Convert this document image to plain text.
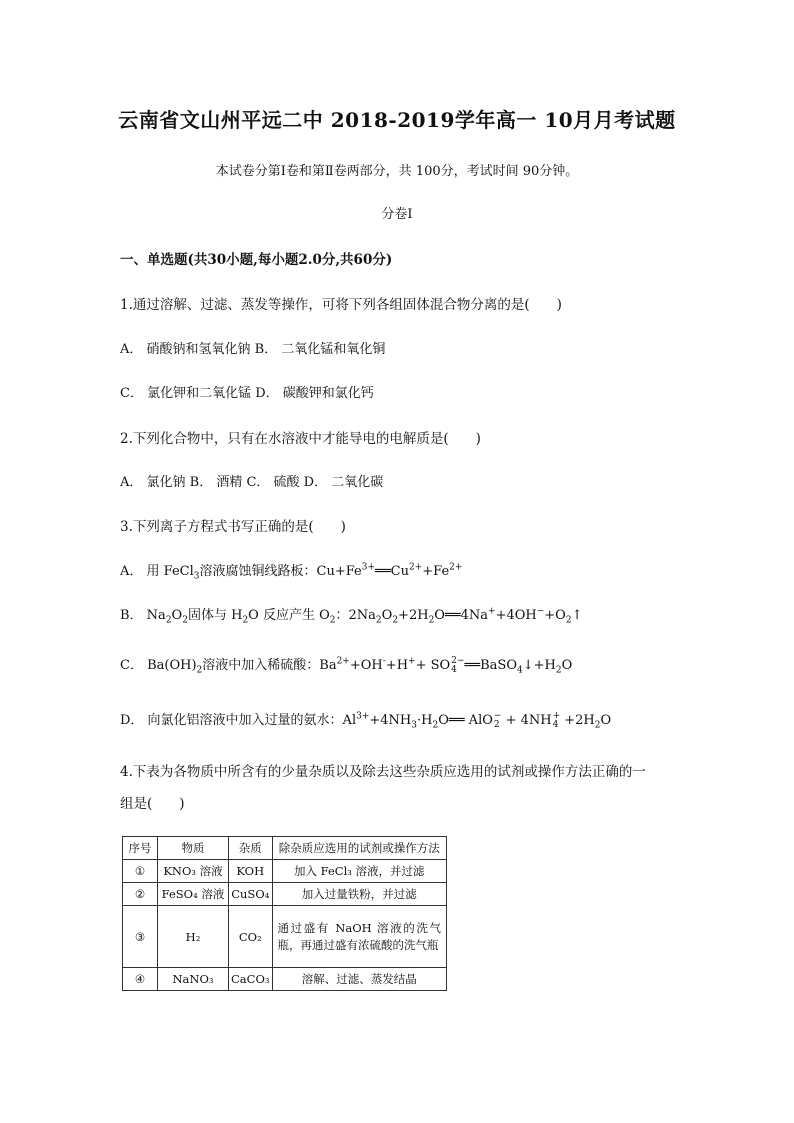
云南省文山州平远二中 2018-2019学年高一 10月月考试题
本试卷分第Ⅰ卷和第Ⅱ卷两部分，共 100分，考试时间 90分钟。
分卷I
一、单选题(共30小题,每小题2.0分,共60分)
1.通过溶解、过滤、蒸发等操作，可将下列各组固体混合物分离的是(　　)
A． 硝酸钠和氢氧化钠 B． 二氧化锰和氧化铜
C． 氯化钾和二氧化锰 D． 碳酸钾和氯化钙
2.下列化合物中，只有在水溶液中才能导电的电解质是(　　)
A． 氯化钠 B． 酒精 C． 硫酸 D． 二氧化碳
3.下列离子方程式书写正确的是(　　)
A． 用 FeCl$_3$溶液腐蚀铜线路板：$Cu+Fe^{3+}══Cu^{2+}+Fe^{2+}$
B． $Na_2O_2$固体与 $H_2O$ 反应产生 $O_2$：$2Na_2O_2+2H_2O══4Na^++4OH^-+O_2↑$
C． $Ba(OH)_2$溶液中加入稀硫酸：$Ba^{2+}+OH^-+H^++$ SO 2−
4 $══BaSO_4↓+H_2O$
D． 向氯化铝溶液中加入过量的氨水：$Al^{3+}+4NH_3\cdot H_2O══$ AlO −
2 + 4NH +
$4 +2H_2O$
4.下表为各物质中所含有的少量杂质以及除去这些杂质应选用的试剂或操作方法正确的一
组是(　　)
序号	物质	杂质	除杂质应选用的试剂或操作方法
①	KNO₃ 溶液	KOH	加入 FeCl₃ 溶液，并过滤
②	FeSO₄ 溶液	CuSO₄	加入过量铁粉，并过滤
③	H₂	CO₂	通过盛有 NaOH 溶液的洗气瓶，再通过盛有浓硫酸的洗气瓶
④	NaNO₃	CaCO₃	溶解、过滤、蒸发结晶
